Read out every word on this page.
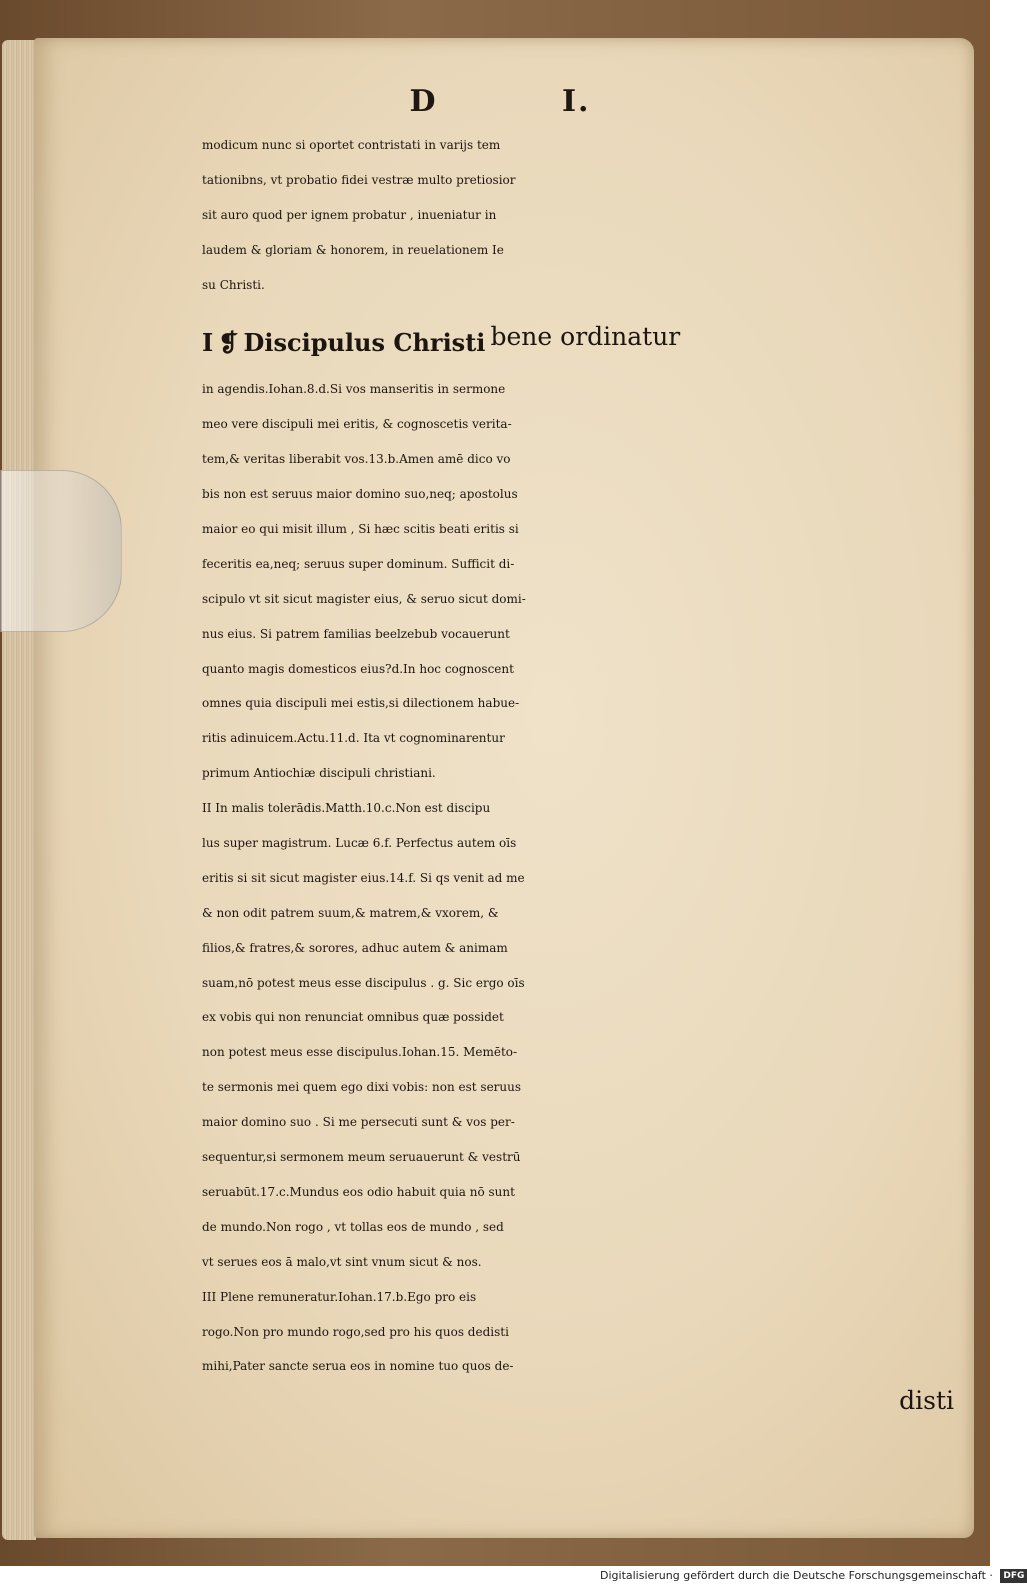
D	I.
modicum nunc si oportet contristati in varijs tem
tationibns, vt probatio fidei vestræ multo pretiosior
sit auro quod per ignem probatur , inueniatur in
laudem & gloriam & honorem, in reuelationem Ie
su Christi.
I ❡ Discipulus Christi bene ordinatur
in agendis.Iohan.8.d.Si vos manseritis in sermone
meo vere discipuli mei eritis, & cognoscetis verita-
tem,& veritas liberabit vos.13.b.Amen amē dico vo
bis non est seruus maior domino suo,neq; apostolus
maior eo qui misit illum , Si hæc scitis beati eritis si
feceritis ea,neq; seruus super dominum. Sufficit di-
scipulo vt sit sicut magister eius, & seruo sicut domi-
nus eius. Si patrem familias beelzebub vocauerunt
quanto magis domesticos eius?d.In hoc cognoscent
omnes quia discipuli mei estis,si dilectionem habue-
ritis adinuicem.Actu.11.d. Ita vt cognominarentur
primum Antiochiæ discipuli christiani.
II In malis tolerādis.Matth.10.c.Non est discipu
lus super magistrum. Lucæ 6.f. Perfectus autem oīs
eritis si sit sicut magister eius.14.f. Si qs venit ad me
& non odit patrem suum,& matrem,& vxorem, &
filios,& fratres,& sorores, adhuc autem & animam
suam,nō potest meus esse discipulus . g. Sic ergo oīs
ex vobis qui non renunciat omnibus quæ possidet
non potest meus esse discipulus.Iohan.15. Memēto-
te sermonis mei quem ego dixi vobis: non est seruus
maior domino suo . Si me persecuti sunt & vos per-
sequentur,si sermonem meum seruauerunt & vestrū
seruabūt.17.c.Mundus eos odio habuit quia nō sunt
de mundo.Non rogo , vt tollas eos de mundo , sed
vt serues eos ā malo,vt sint vnum sicut & nos.
III Plene remuneratur.Iohan.17.b.Ego pro eis
rogo.Non pro mundo rogo,sed pro his quos dedisti
mihi,Pater sancte serua eos in nomine tuo quos de-
disti
Digitalisierung gefördert durch die Deutsche Forschungsgemeinschaft · DFG
